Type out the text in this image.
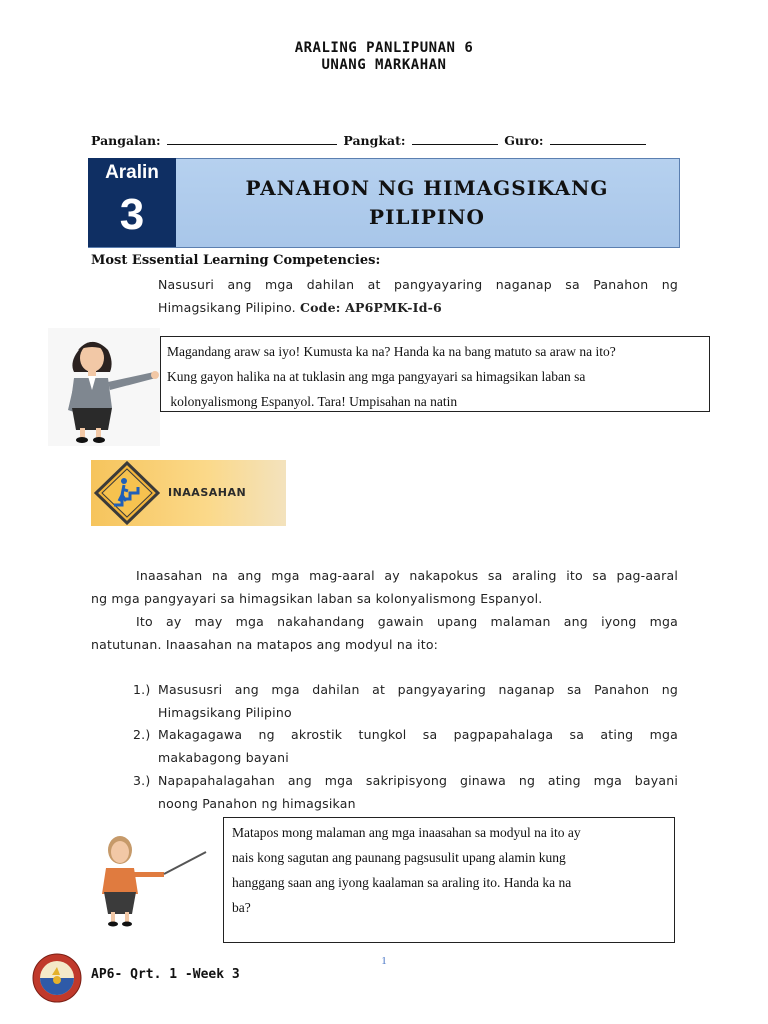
ARALING PANLIPUNAN 6
UNANG MARKAHAN
Pangalan:	Pangkat:	Guro:
Aralin
3
PANAHON NG HIMAGSIKANG
PILIPINO
Most Essential Learning Competencies:
Nasusuri ang mga dahilan at pangyayaring naganap sa Panahon ng
Himagsikang Pilipino. Code: AP6PMK-Id-6
Magandang araw sa iyo! Kumusta ka na? Handa ka na bang matuto sa araw na ito?
Kung gayon halika na at tuklasin ang mga pangyayari sa himagsikan laban sa
kolonyalismong Espanyol. Tara! Umpisahan na natin
INAASAHAN
Inaasahan na ang mga mag-aaral ay nakapokus sa araling ito sa pag-aaral
ng mga pangyayari sa himagsikan laban sa kolonyalismong Espanyol.
Ito ay may mga nakahandang gawain upang malaman ang iyong mga
natutunan. Inaasahan na matapos ang modyul na ito:
1.) Masususri ang mga dahilan at pangyayaring naganap sa Panahon ng
Himagsikang Pilipino
2.) Makagagawa ng akrostik tungkol sa pagpapahalaga sa ating mga
makabagong bayani
3.) Napapahalagahan ang mga sakripisyong ginawa ng ating mga bayani
noong Panahon ng himagsikan
Matapos mong malaman ang mga inaasahan sa modyul na ito ay
nais kong sagutan ang paunang pagsusulit upang alamin kung
hanggang saan ang iyong kaalaman sa araling ito. Handa ka na
ba?
1
AP6- Qrt. 1 -Week 3
